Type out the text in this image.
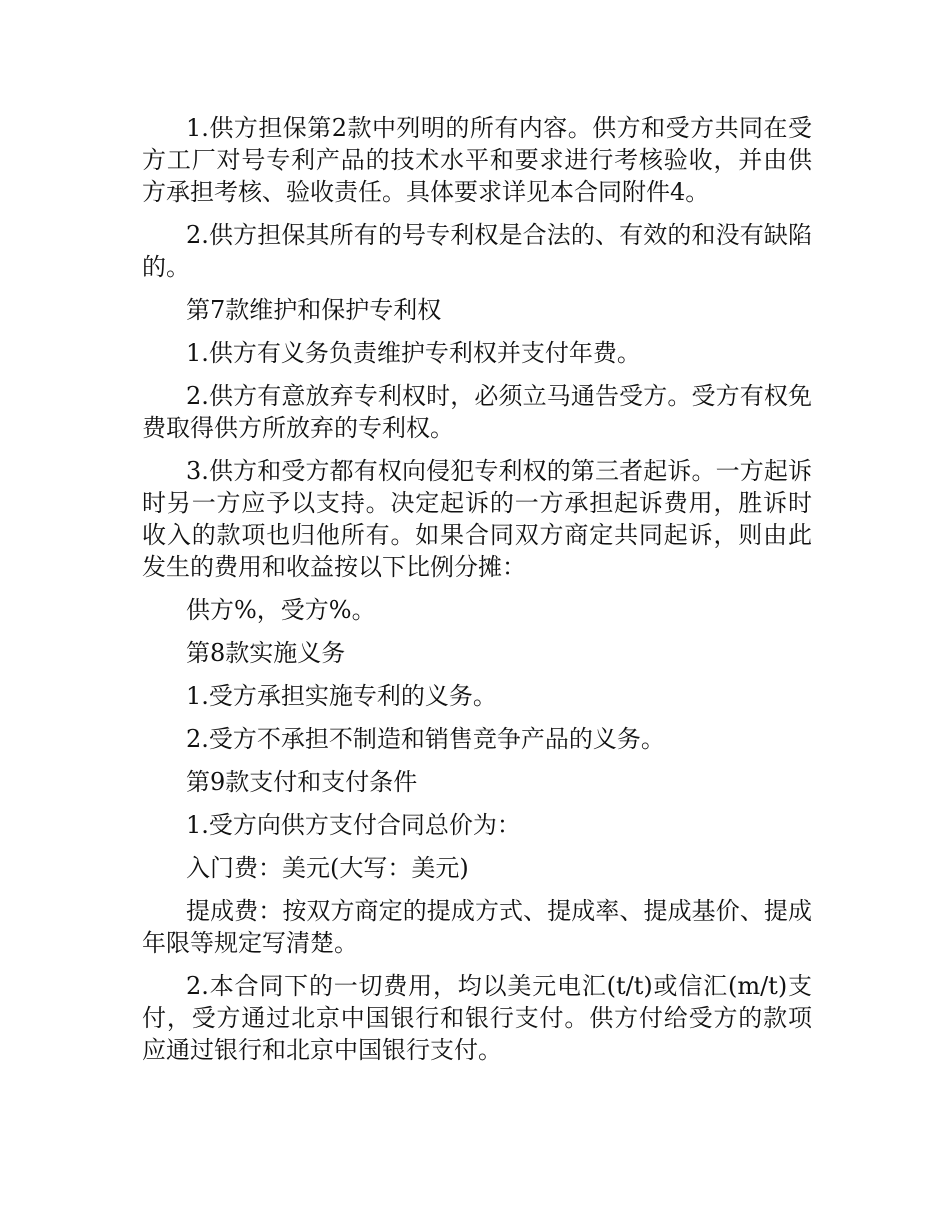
1.供方担保第2款中列明的所有内容。供方和受方共同在受方工厂对号专利产品的技术水平和要求进行考核验收，并由供方承担考核、验收责任。具体要求详见本合同附件4。

2.供方担保其所有的号专利权是合法的、有效的和没有缺陷的。

第7款维护和保护专利权

1.供方有义务负责维护专利权并支付年费。

2.供方有意放弃专利权时，必须立马通告受方。受方有权免费取得供方所放弃的专利权。

3.供方和受方都有权向侵犯专利权的第三者起诉。一方起诉时另一方应予以支持。决定起诉的一方承担起诉费用，胜诉时收入的款项也归他所有。如果合同双方商定共同起诉，则由此发生的费用和收益按以下比例分摊：

供方%，受方%。

第8款实施义务

1.受方承担实施专利的义务。

2.受方不承担不制造和销售竞争产品的义务。

第9款支付和支付条件

1.受方向供方支付合同总价为：

入门费：美元(大写：美元)

提成费：按双方商定的提成方式、提成率、提成基价、提成年限等规定写清楚。

2.本合同下的一切费用，均以美元电汇(t/t)或信汇(m/t)支付，受方通过北京中国银行和银行支付。供方付给受方的款项应通过银行和北京中国银行支付。
